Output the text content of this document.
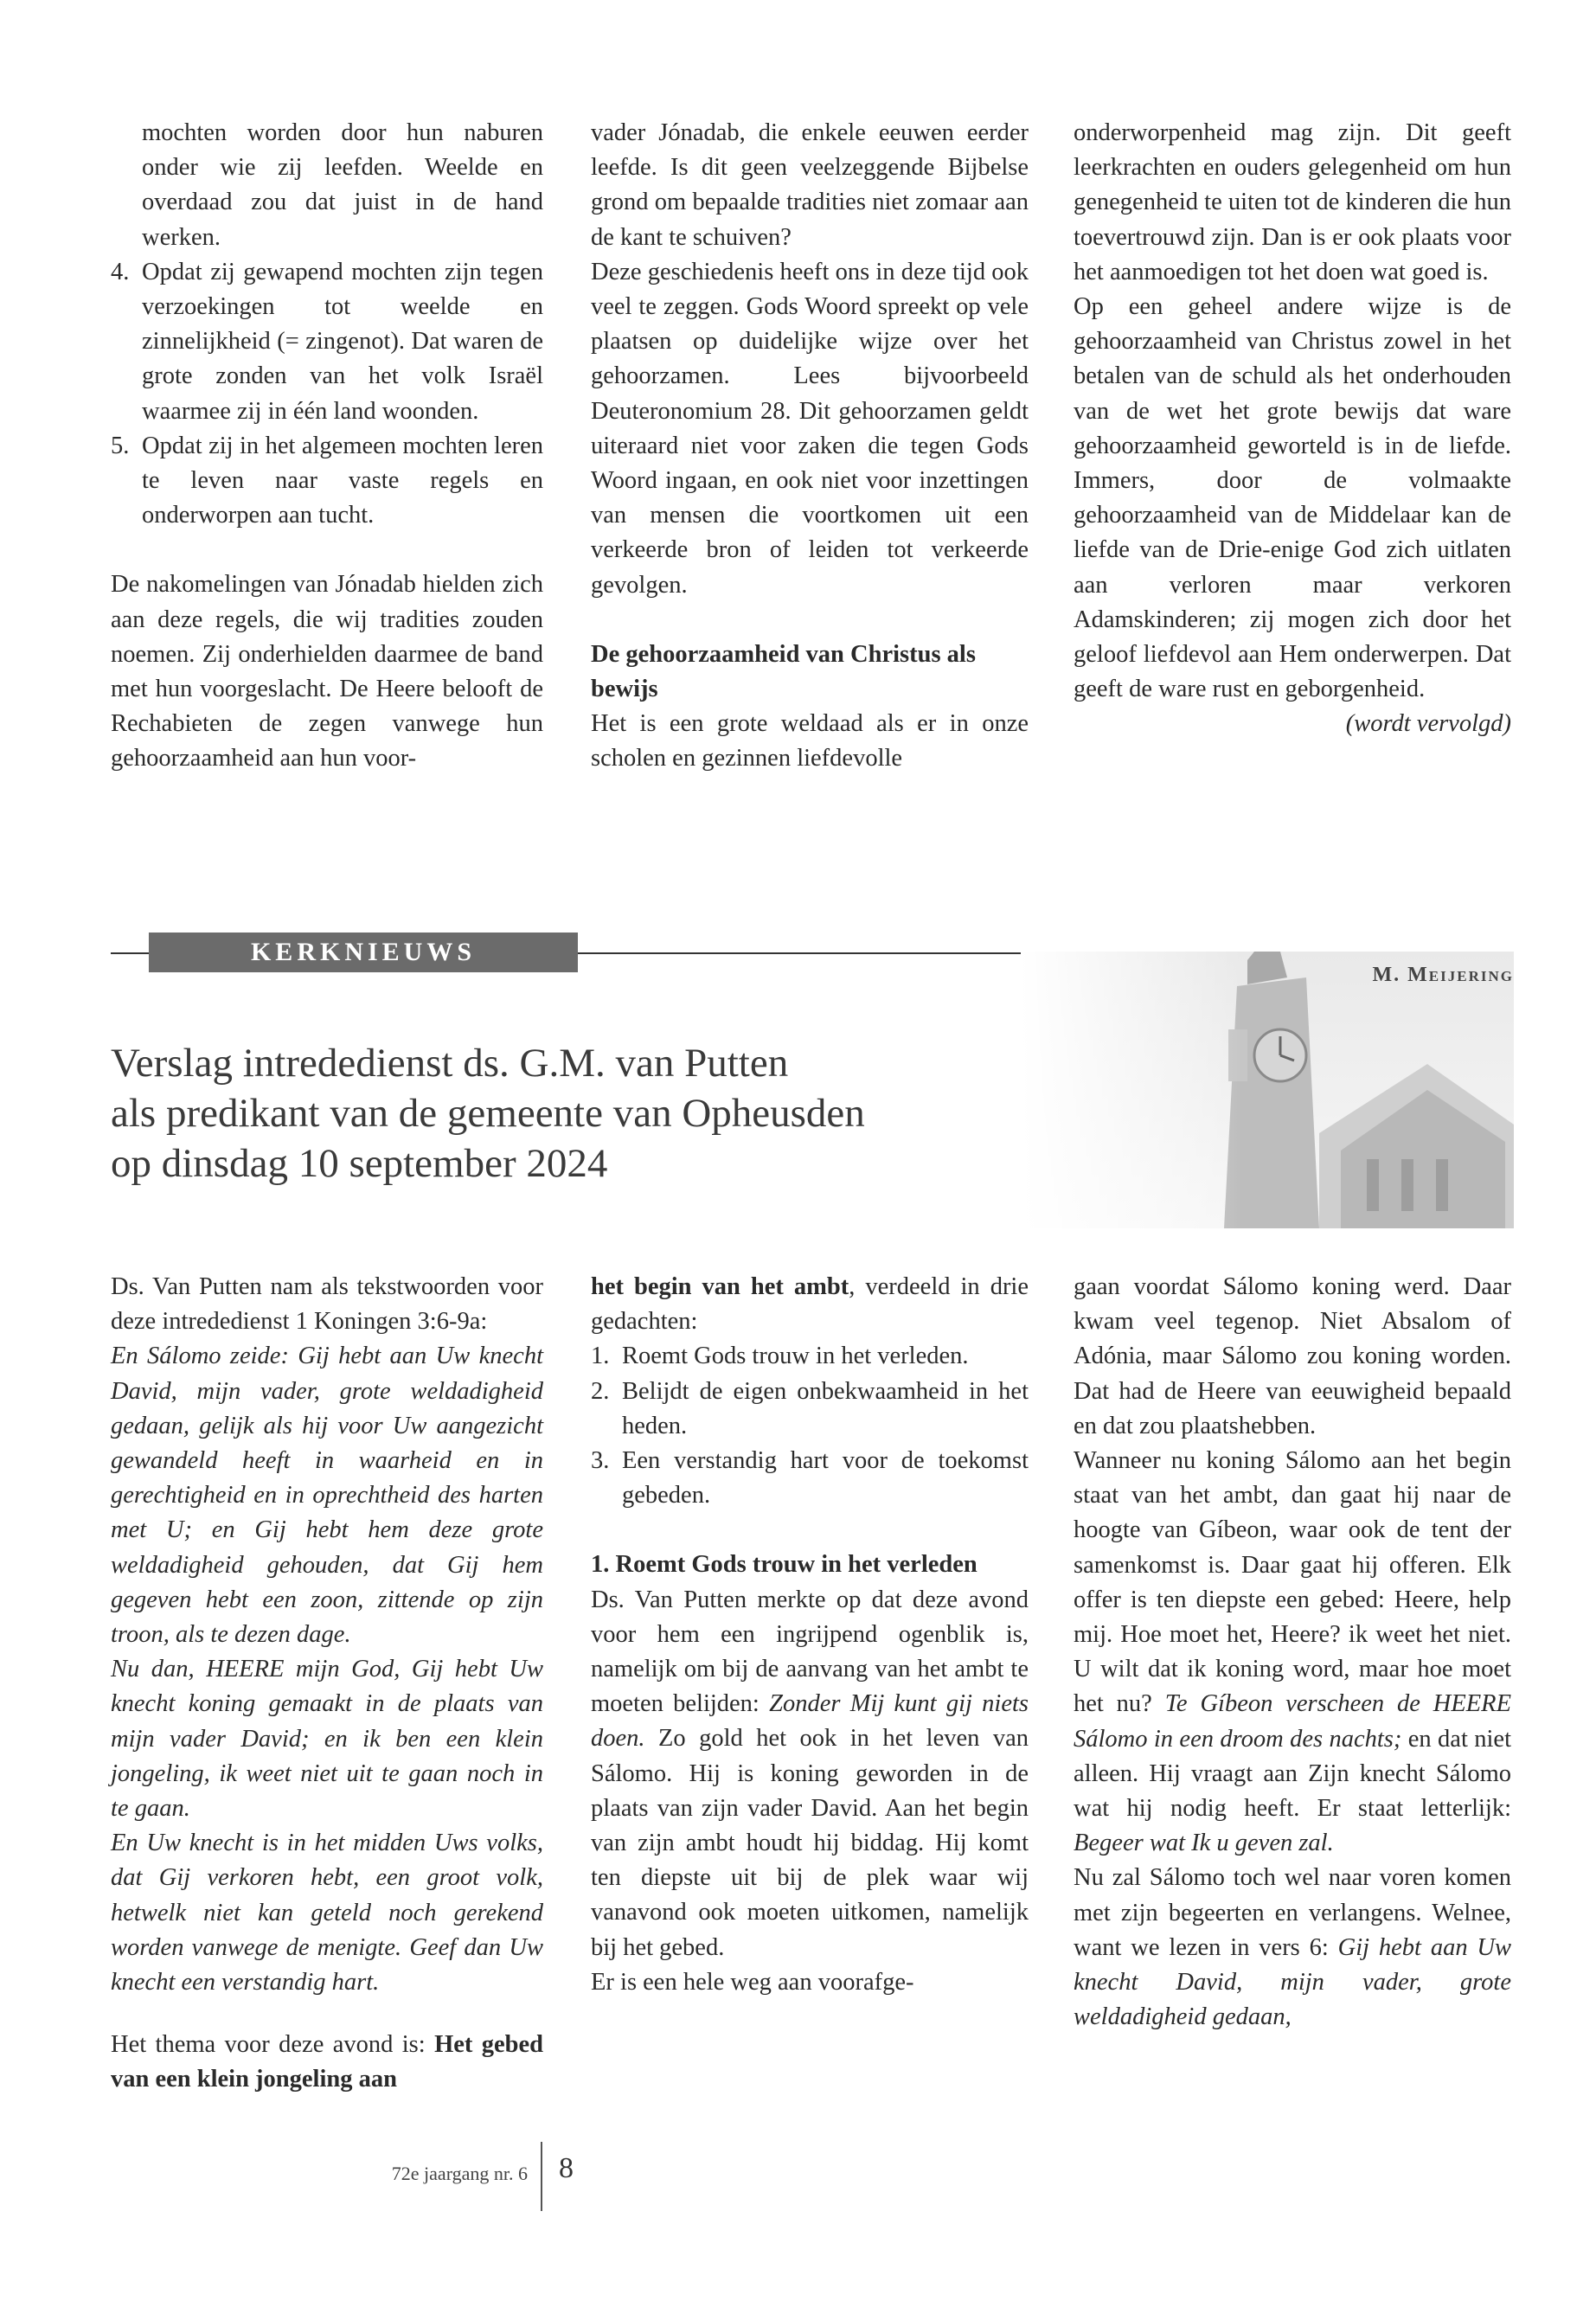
mochten worden door hun naburen onder wie zij leefden. Weelde en overdaad zou dat juist in de hand werken.

4. Opdat zij gewapend mochten zijn tegen verzoekingen tot weelde en zinnelijkheid (= zingenot). Dat waren de grote zonden van het volk Israël waarmee zij in één land woonden.
5. Opdat zij in het algemeen mochten leren te leven naar vaste regels en onderworpen aan tucht.

De nakomelingen van Jónadab hielden zich aan deze regels, die wij tradities zouden noemen. Zij onderhielden daarmee de band met hun voorgeslacht. De Heere belooft de Rechabieten de zegen vanwege hun gehoorzaamheid aan hun voor-

vader Jónadab, die enkele eeuwen eerder leefde. Is dit geen veelzeggende Bijbelse grond om bepaalde tradities niet zomaar aan de kant te schuiven?

Deze geschiedenis heeft ons in deze tijd ook veel te zeggen. Gods Woord spreekt op vele plaatsen op duidelijke wijze over het gehoorzamen. Lees bijvoorbeeld Deuteronomium 28. Dit gehoorzamen geldt uiteraard niet voor zaken die tegen Gods Woord ingaan, en ook niet voor inzettingen van mensen die voortkomen uit een verkeerde bron of leiden tot verkeerde gevolgen.

De gehoorzaamheid van Christus als bewijs

Het is een grote weldaad als er in onze scholen en gezinnen liefdevolle

onderworpenheid mag zijn. Dit geeft leerkrachten en ouders gelegenheid om hun genegenheid te uiten tot de kinderen die hun toevertrouwd zijn. Dan is er ook plaats voor het aanmoedigen tot het doen wat goed is.

Op een geheel andere wijze is de gehoorzaamheid van Christus zowel in het betalen van de schuld als het onderhouden van de wet het grote bewijs dat ware gehoorzaamheid geworteld is in de liefde. Immers, door de volmaakte gehoorzaamheid van de Middelaar kan de liefde van de Drie-enige God zich uitlaten aan verloren maar verkoren Adamskinderen; zij mogen zich door het geloof liefdevol aan Hem onderwerpen. Dat geeft de ware rust en geborgenheid.

(wordt vervolgd)

KERKNIEUWS
M. Meijering
Verslag intrededienst ds. G.M. van Putten
als predikant van de gemeente van Opheusden
op dinsdag 10 september 2024

Ds. Van Putten nam als tekstwoorden voor deze intrededienst 1 Koningen 3:6-9a:

En Sálomo zeide: Gij hebt aan Uw knecht David, mijn vader, grote weldadigheid gedaan, gelijk als hij voor Uw aangezicht gewandeld heeft in waarheid en in gerechtigheid en in oprechtheid des harten met U; en Gij hebt hem deze grote weldadigheid gehouden, dat Gij hem gegeven hebt een zoon, zittende op zijn troon, als te dezen dage.

Nu dan, HEERE mijn God, Gij hebt Uw knecht koning gemaakt in de plaats van mijn vader David; en ik ben een klein jongeling, ik weet niet uit te gaan noch in te gaan.

En Uw knecht is in het midden Uws volks, dat Gij verkoren hebt, een groot volk, hetwelk niet kan geteld noch gerekend worden vanwege de menigte. Geef dan Uw knecht een verstandig hart.

Het thema voor deze avond is: Het gebed van een klein jongeling aan

het begin van het ambt, verdeeld in drie gedachten:

1. Roemt Gods trouw in het verleden.
2. Belijdt de eigen onbekwaamheid in het heden.
3. Een verstandig hart voor de toekomst gebeden.

1. Roemt Gods trouw in het verleden

Ds. Van Putten merkte op dat deze avond voor hem een ingrijpend ogenblik is, namelijk om bij de aanvang van het ambt te moeten belijden: Zonder Mij kunt gij niets doen. Zo gold het ook in het leven van Sálomo. Hij is koning geworden in de plaats van zijn vader David. Aan het begin van zijn ambt houdt hij biddag. Hij komt ten diepste uit bij de plek waar wij vanavond ook moeten uitkomen, namelijk bij het gebed.

Er is een hele weg aan voorafge-

gaan voordat Sálomo koning werd. Daar kwam veel tegenop. Niet Absalom of Adónia, maar Sálomo zou koning worden. Dat had de Heere van eeuwigheid bepaald en dat zou plaatshebben.

Wanneer nu koning Sálomo aan het begin staat van het ambt, dan gaat hij naar de hoogte van Gíbeon, waar ook de tent der samenkomst is. Daar gaat hij offeren. Elk offer is ten diepste een gebed: Heere, help mij. Hoe moet het, Heere? ik weet het niet. U wilt dat ik koning word, maar hoe moet het nu? Te Gíbeon verscheen de HEERE Sálomo in een droom des nachts; en dat niet alleen. Hij vraagt aan Zijn knecht Sálomo wat hij nodig heeft. Er staat letterlijk: Begeer wat Ik u geven zal.

Nu zal Sálomo toch wel naar voren komen met zijn begeerten en verlangens. Welnee, want we lezen in vers 6: Gij hebt aan Uw knecht David, mijn vader, grote weldadigheid gedaan,

72e jaargang nr. 6 8
